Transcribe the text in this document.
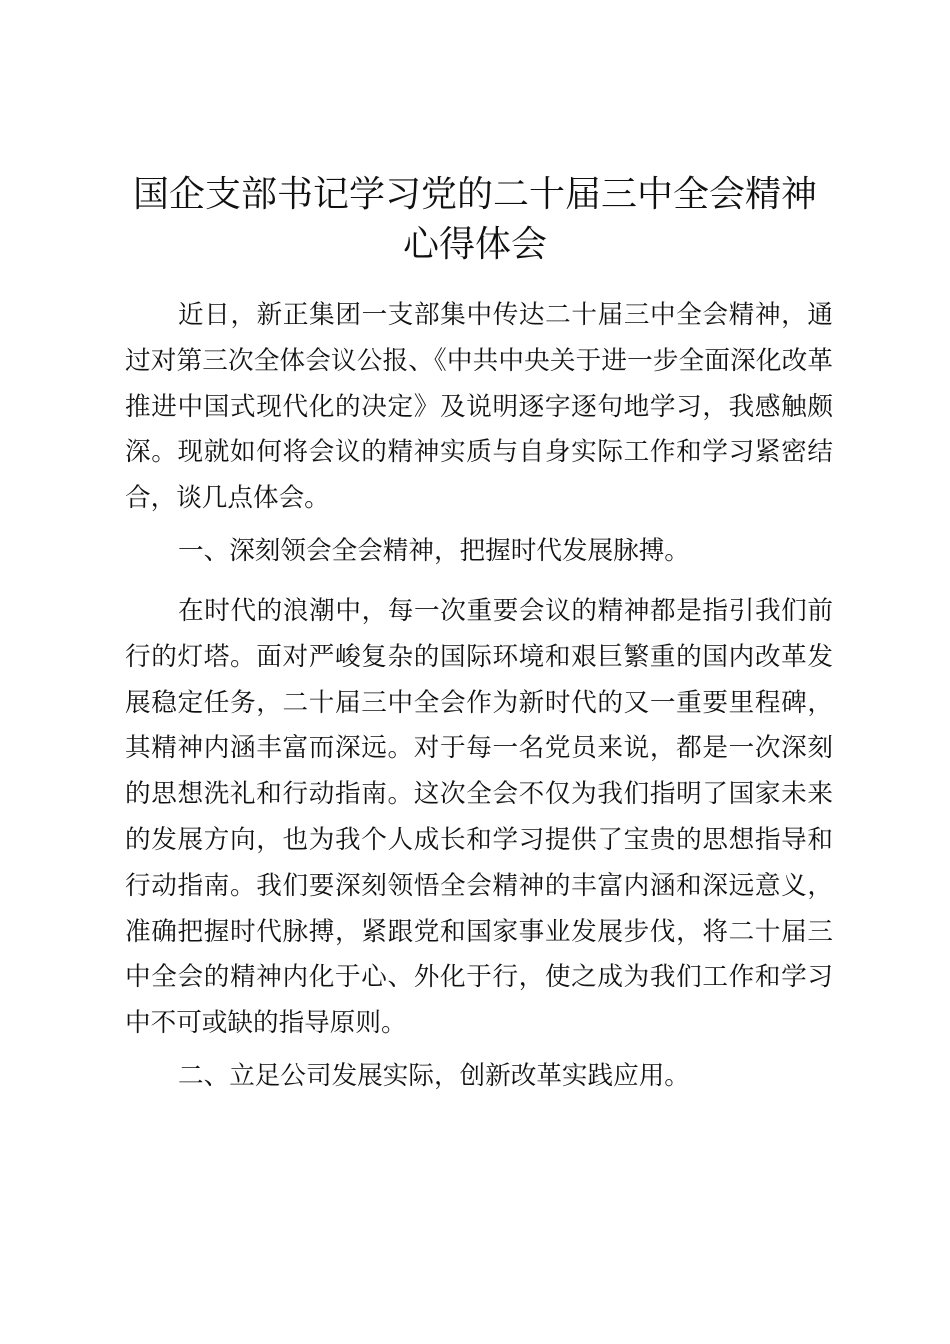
国企支部书记学习党的二十届三中全会精神心得体会

近日，新正集团一支部集中传达二十届三中全会精神，通过对第三次全体会议公报、《中共中央关于进一步全面深化改革推进中国式现代化的决定》及说明逐字逐句地学习，我感触颇深。现就如何将会议的精神实质与自身实际工作和学习紧密结合，谈几点体会。

一、深刻领会全会精神，把握时代发展脉搏。

在时代的浪潮中，每一次重要会议的精神都是指引我们前行的灯塔。面对严峻复杂的国际环境和艰巨繁重的国内改革发展稳定任务，二十届三中全会作为新时代的又一重要里程碑，其精神内涵丰富而深远。对于每一名党员来说，都是一次深刻的思想洗礼和行动指南。这次全会不仅为我们指明了国家未来的发展方向，也为我个人成长和学习提供了宝贵的思想指导和行动指南。我们要深刻领悟全会精神的丰富内涵和深远意义，准确把握时代脉搏，紧跟党和国家事业发展步伐，将二十届三中全会的精神内化于心、外化于行，使之成为我们工作和学习中不可或缺的指导原则。

二、立足公司发展实际，创新改革实践应用。
